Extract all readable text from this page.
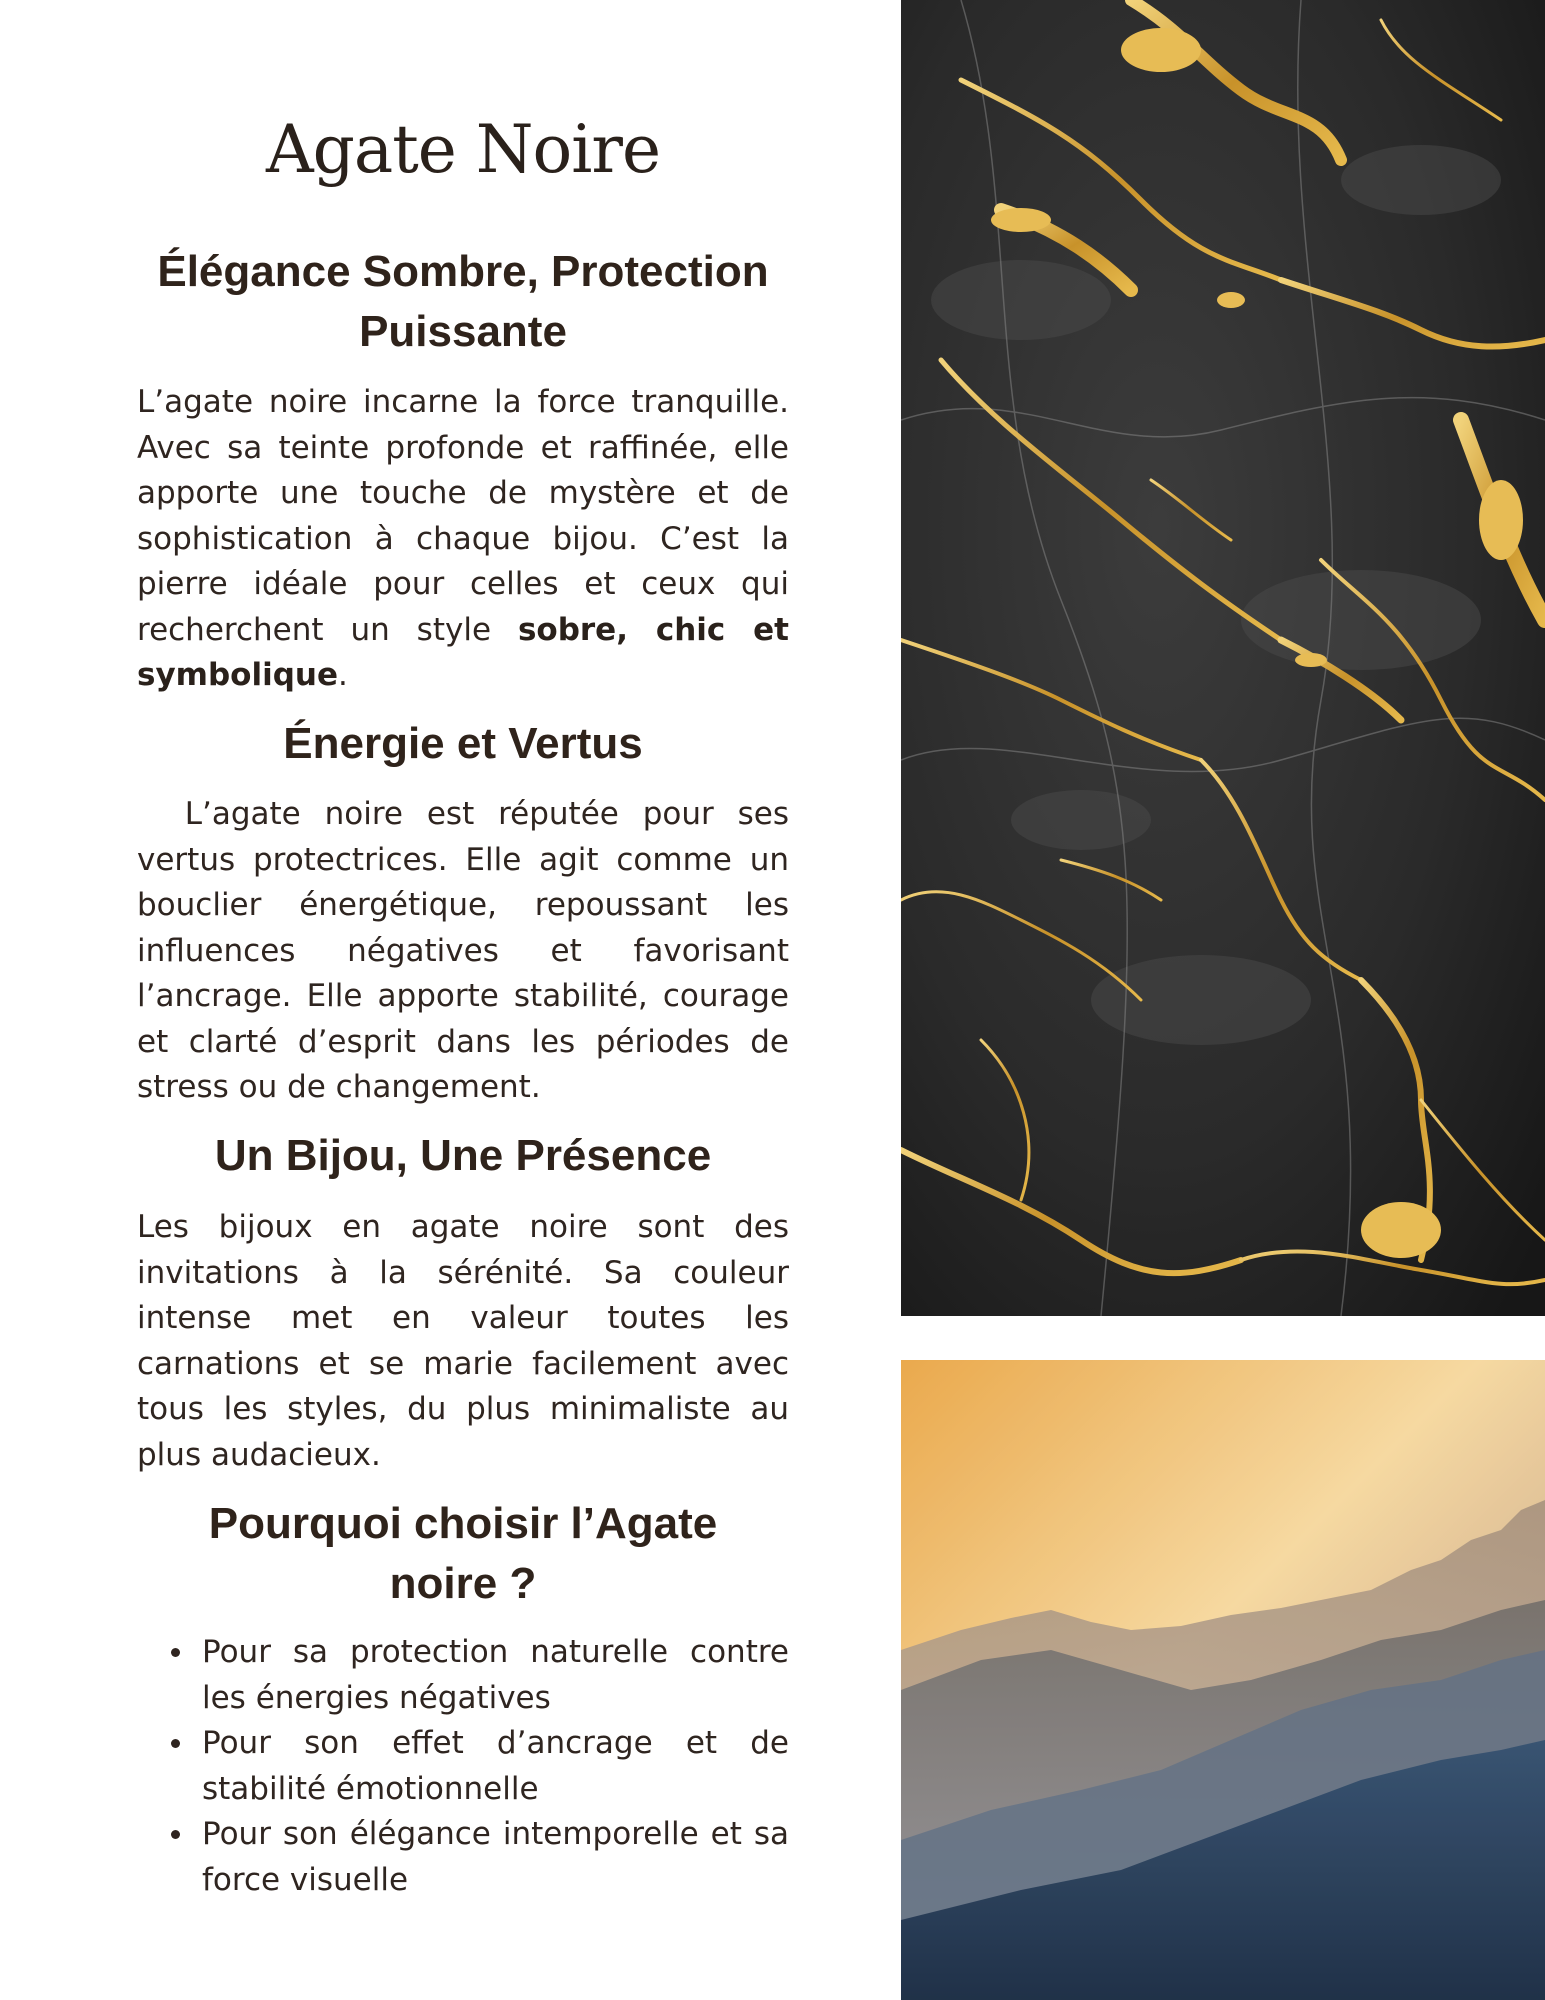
Agate Noire
Élégance Sombre, Protection Puissante

L’agate noire incarne la force tranquille. Avec sa teinte profonde et raffinée, elle apporte une touche de mystère et de sophistication à chaque bijou. C’est la pierre idéale pour celles et ceux qui recherchent un style sobre, chic et symbolique.

Énergie et Vertus

L’agate noire est réputée pour ses vertus protectrices. Elle agit comme un bouclier énergétique, repoussant les influences négatives et favorisant l’ancrage. Elle apporte stabilité, courage et clarté d’esprit dans les périodes de stress ou de changement.

Un Bijou, Une Présence

Les bijoux en agate noire sont des invitations à la sérénité. Sa couleur intense met en valeur toutes les carnations et se marie facilement avec tous les styles, du plus minimaliste au plus audacieux.

Pourquoi choisir l’Agate noire ?
Pour sa protection naturelle contre les énergies négatives
Pour son effet d’ancrage et de stabilité émotionnelle
Pour son élégance intemporelle et sa force visuelle
